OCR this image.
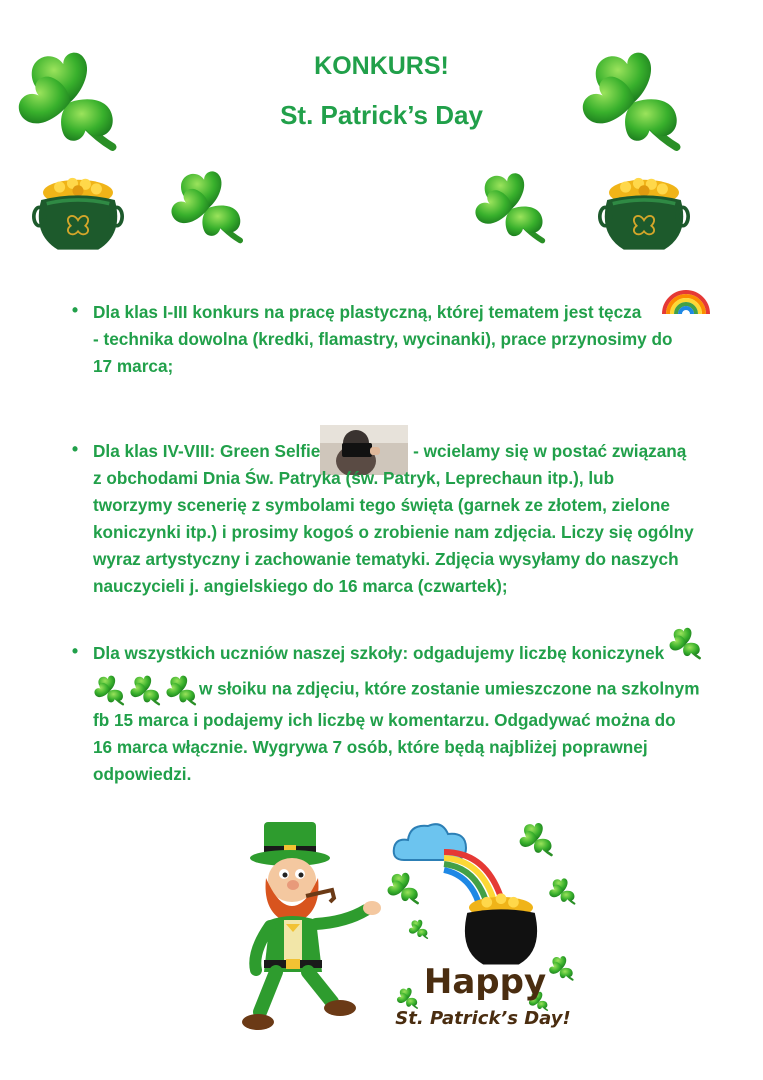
KONKURS!
St. Patrick’s Day
• Dla klas I-III konkurs na pracę plastyczną, której tematem jest tęcza
- technika dowolna (kredki, flamastry, wycinanki), prace przynosimy do
17 marca;
• Dla klas IV-VIII: Green Selfie	- wcielamy się w postać związaną
z obchodami Dnia Św. Patryka (św. Patryk, Leprechaun itp.), lub
tworzymy scenerię z symbolami tego święta (garnek ze złotem, zielone
koniczynki itp.) i prosimy kogoś o zrobienie nam zdjęcia. Liczy się ogólny
wyraz artystyczny i zachowanie tematyki. Zdjęcia wysyłamy do naszych
nauczycieli j. angielskiego do 16 marca (czwartek);
• Dla wszystkich uczniów naszej szkoły: odgadujemy liczbę koniczynek
w słoiku na zdjęciu, które zostanie umieszczone na szkolnym
fb 15 marca i podajemy ich liczbę w komentarzu. Odgadywać można do
16 marca włącznie. Wygrywa 7 osób, które będą najbliżej poprawnej
odpowiedzi.
Happy
St. Patrick’s Day!
